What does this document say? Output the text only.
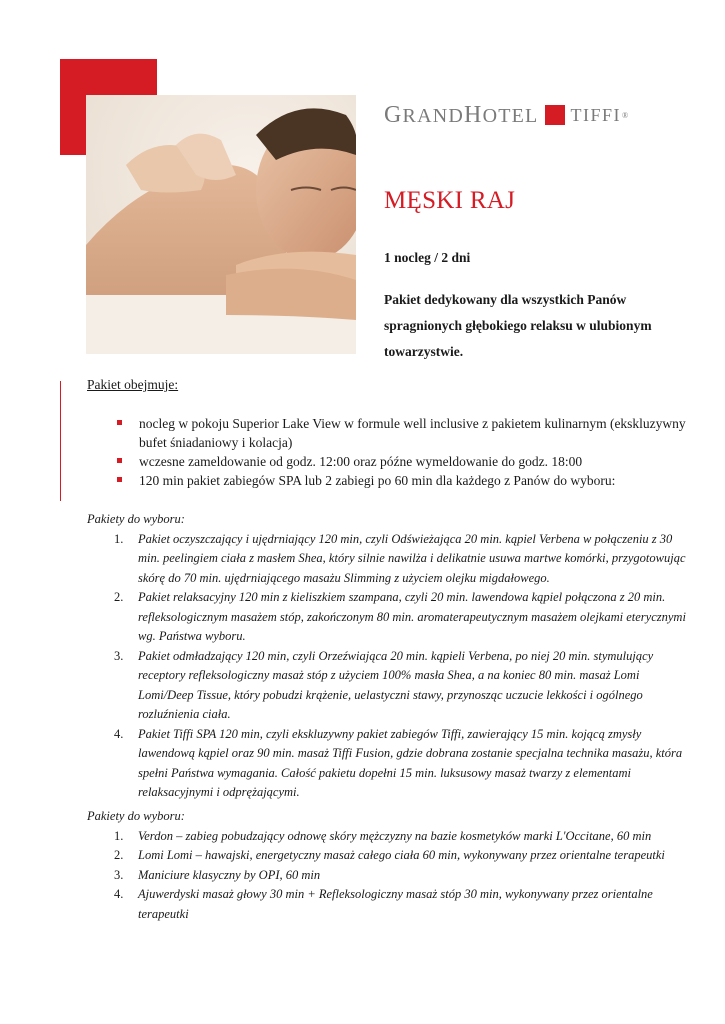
GRANDHOTEL TIFFI ®
MĘSKI RAJ
1 nocleg / 2 dni
Pakiet dedykowany dla wszystkich Panów spragnionych głębokiego relaksu w ulubionym towarzystwie.
Pakiet obejmuje:
nocleg w pokoju Superior Lake View w formule well inclusive z pakietem kulinarnym (ekskluzywny bufet śniadaniowy i kolacja)
wczesne zameldowanie od godz. 12:00 oraz późne wymeldowanie do godz. 18:00
120 min pakiet zabiegów SPA lub 2 zabiegi po 60 min dla każdego z Panów do wyboru:

Pakiety do wyboru:

1. Pakiet oczyszczający i ujędrniający 120 min, czyli Odświeżająca 20 min. kąpiel Verbena w połączeniu z 30 min. peelingiem ciała z masłem Shea, który silnie nawilża i delikatnie usuwa martwe komórki, przygotowując skórę do 70 min. ujędrniającego masażu Slimming z użyciem olejku migdałowego.
2. Pakiet relaksacyjny 120 min z kieliszkiem szampana, czyli 20 min. lawendowa kąpiel połączona z 20 min. refleksologicznym masażem stóp, zakończonym 80 min. aromaterapeutycznym masażem olejkami eterycznymi wg. Państwa wyboru.
3. Pakiet odmładzający 120 min, czyli Orzeźwiająca 20 min. kąpieli Verbena, po niej 20 min. stymulujący receptory refleksologiczny masaż stóp z użyciem 100% masła Shea, a na koniec 80 min. masaż Lomi Lomi/Deep Tissue, który pobudzi krążenie, uelastyczni stawy, przynosząc uczucie lekkości i ogólnego rozluźnienia ciała.
4. Pakiet Tiffi SPA 120 min, czyli ekskluzywny pakiet zabiegów Tiffi, zawierający 15 min. kojącą zmysły lawendową kąpiel oraz 90 min. masaż Tiffi Fusion, gdzie dobrana zostanie specjalna technika masażu, która spełni Państwa wymagania. Całość pakietu dopełni 15 min. luksusowy masaż twarzy z elementami relaksacyjnymi i odprężającymi.

Pakiety do wyboru:

1. Verdon – zabieg pobudzający odnowę skóry mężczyzny na bazie kosmetyków marki L'Occitane, 60 min
2. Lomi Lomi – hawajski, energetyczny masaż całego ciała 60 min, wykonywany przez orientalne terapeutki
3. Maniciure klasyczny by OPI, 60 min
4. Ajuwerdyski masaż głowy 30 min + Refleksologiczny masaż stóp 30 min, wykonywany przez orientalne terapeutki
